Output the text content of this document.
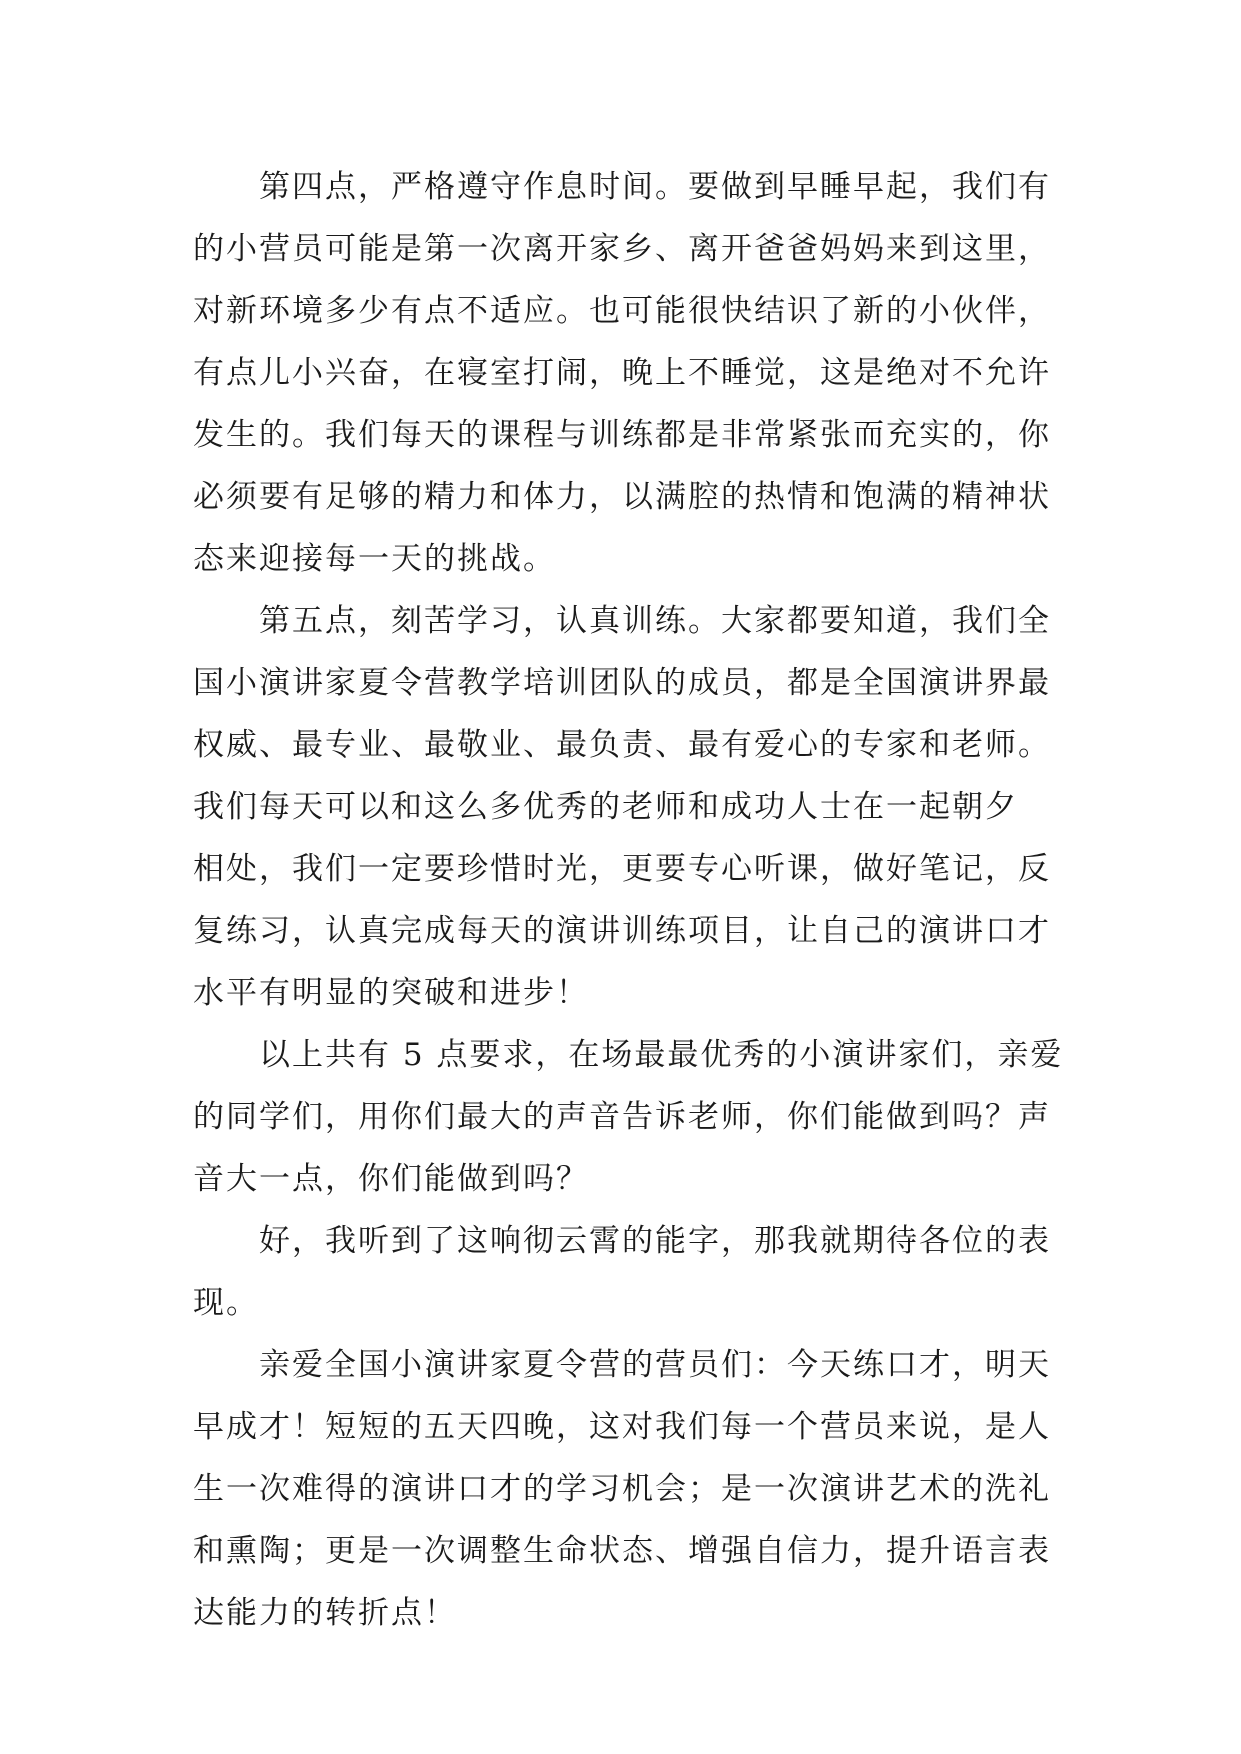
第四点，严格遵守作息时间。要做到早睡早起，我们有
的小营员可能是第一次离开家乡、离开爸爸妈妈来到这里，
对新环境多少有点不适应。也可能很快结识了新的小伙伴，
有点儿小兴奋，在寝室打闹，晚上不睡觉，这是绝对不允许
发生的。我们每天的课程与训练都是非常紧张而充实的，你
必须要有足够的精力和体力，以满腔的热情和饱满的精神状
态来迎接每一天的挑战。
第五点，刻苦学习，认真训练。大家都要知道，我们全
国小演讲家夏令营教学培训团队的成员，都是全国演讲界最
权威、最专业、最敬业、最负责、最有爱心的专家和老师。
我们每天可以和这么多优秀的老师和成功人士在一起朝夕
相处，我们一定要珍惜时光，更要专心听课，做好笔记，反
复练习，认真完成每天的演讲训练项目，让自己的演讲口才
水平有明显的突破和进步！
以上共有 5 点要求，在场最最优秀的小演讲家们，亲爱
的同学们，用你们最大的声音告诉老师，你们能做到吗？声
音大一点，你们能做到吗？
好，我听到了这响彻云霄的能字，那我就期待各位的表
现。
亲爱全国小演讲家夏令营的营员们：今天练口才，明天
早成才！短短的五天四晚，这对我们每一个营员来说，是人
生一次难得的演讲口才的学习机会；是一次演讲艺术的洗礼
和熏陶；更是一次调整生命状态、增强自信力，提升语言表
达能力的转折点！
